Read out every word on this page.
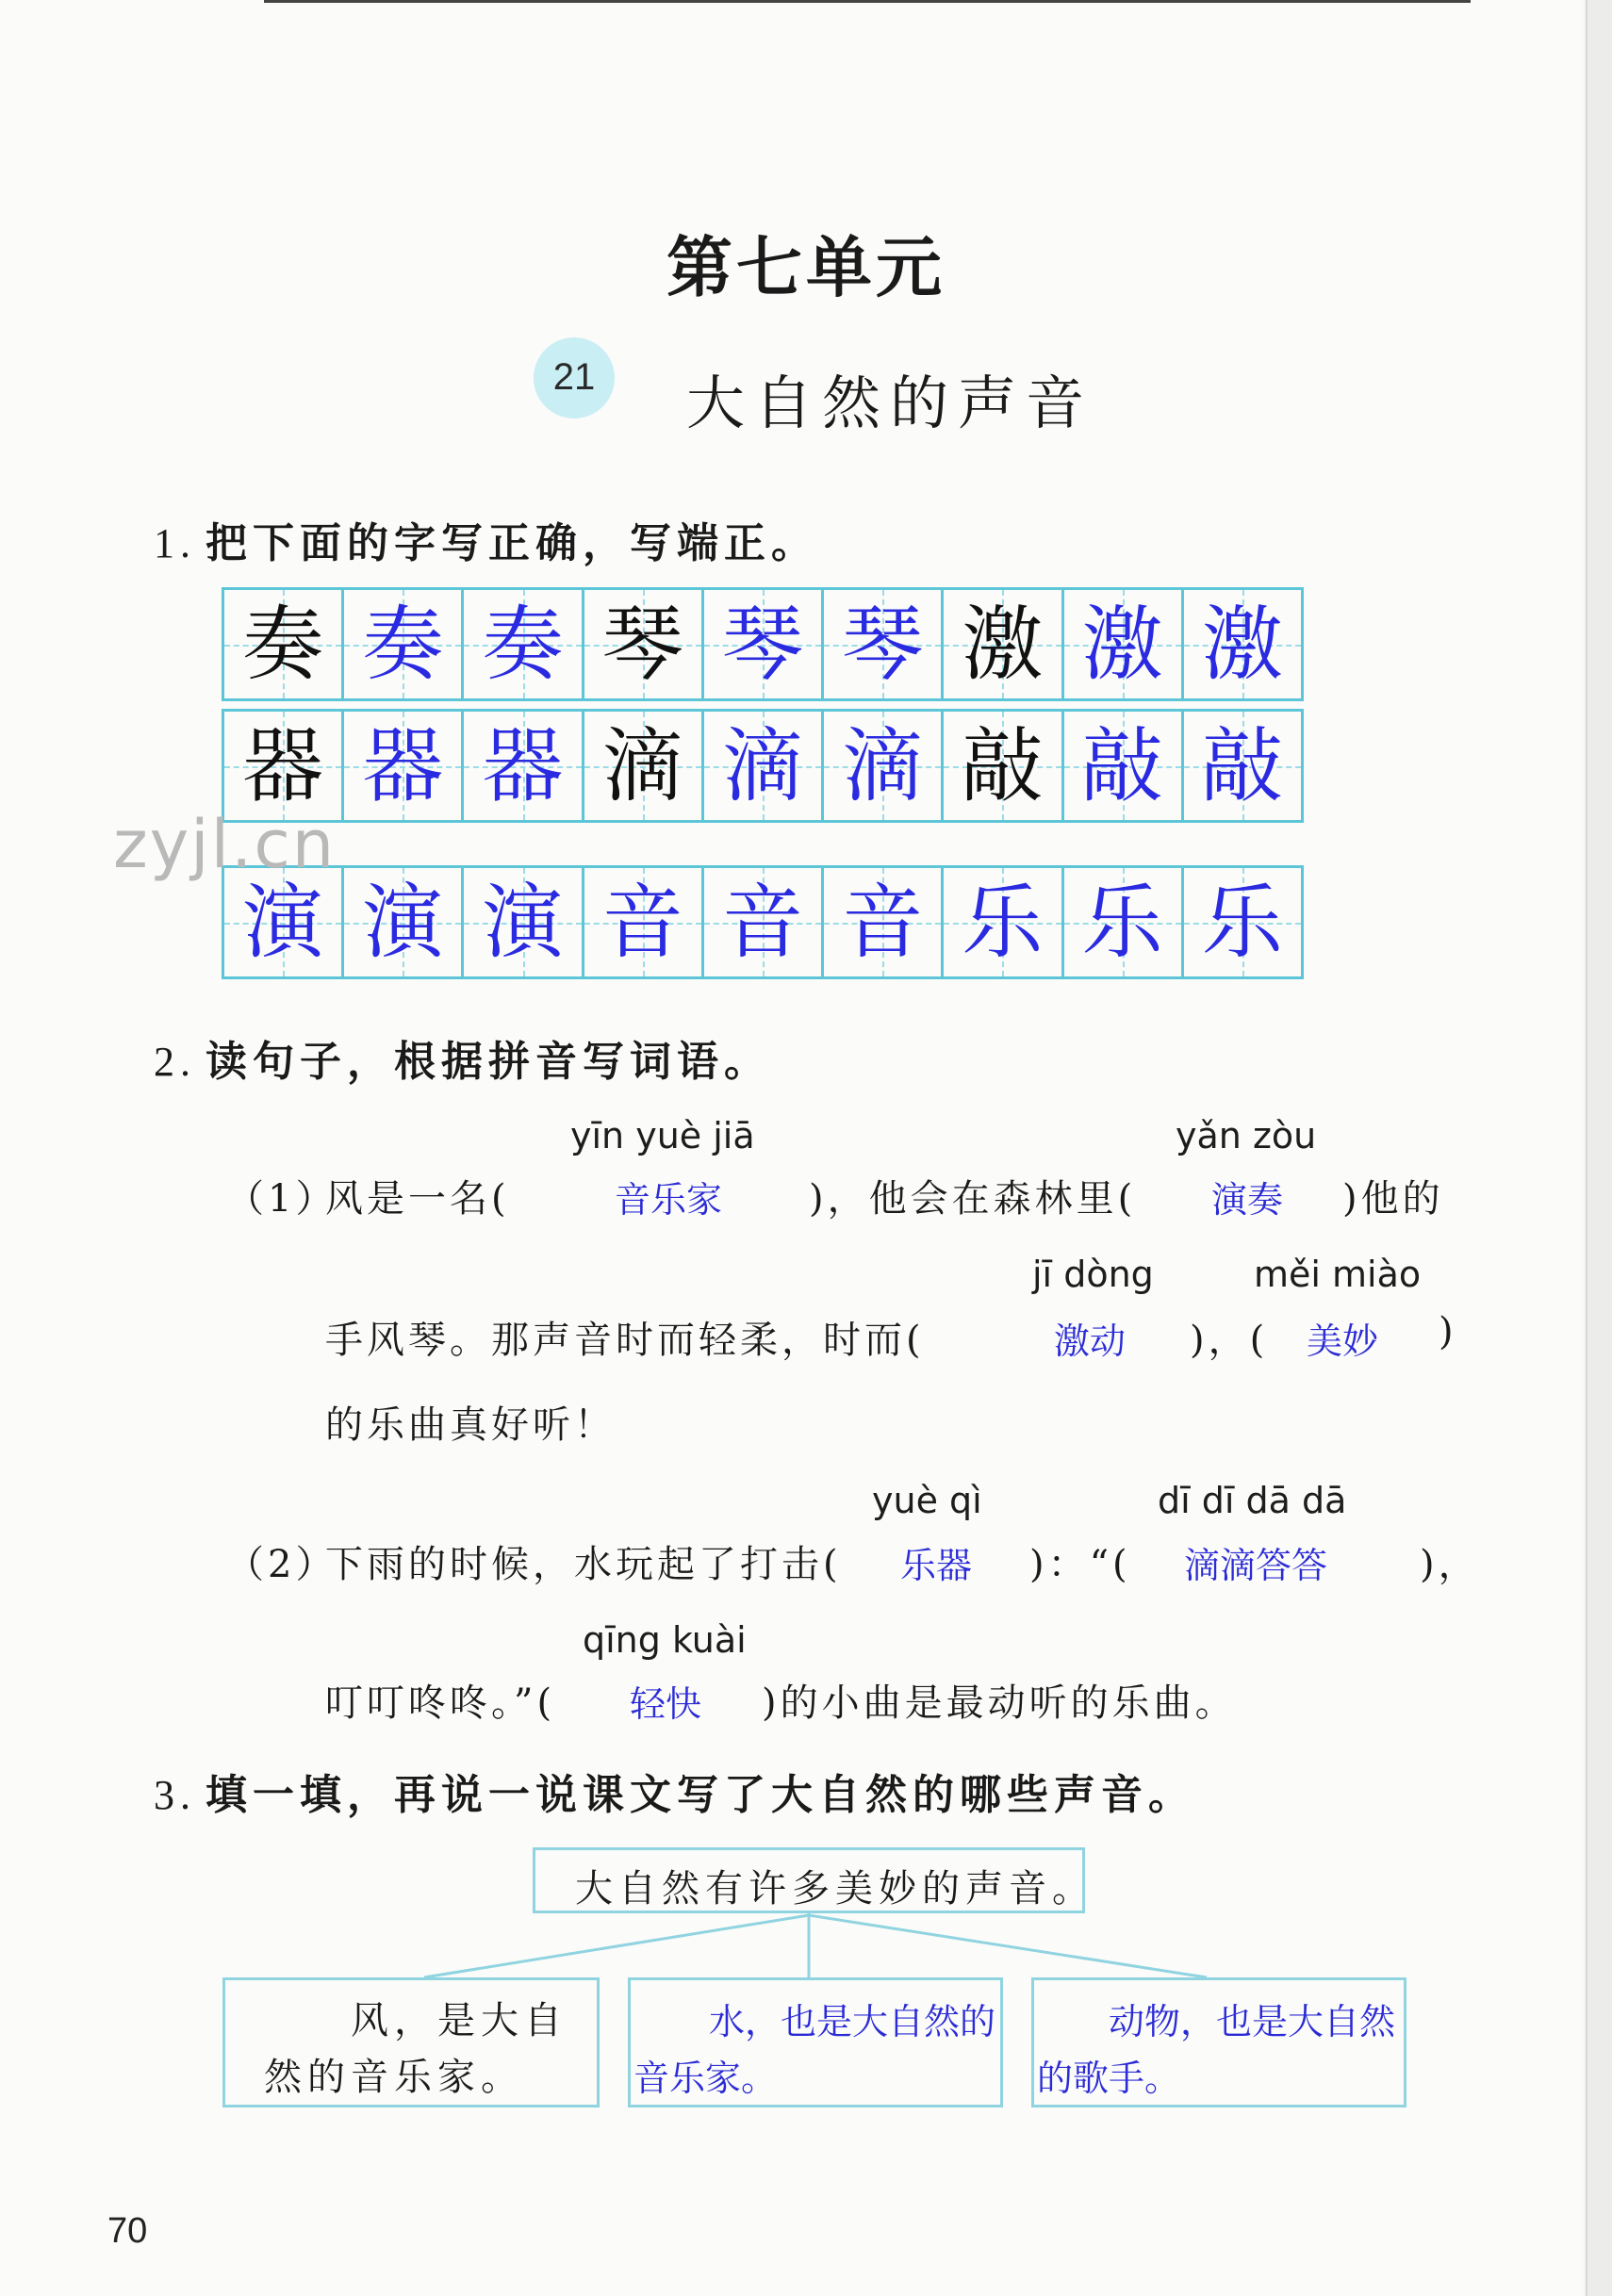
第七单元
21	大自然的声音
1. 把下面的字写正确，写端正。
奏 奏 奏 琴 琴 琴 激 激 激
器 器 器 滴 滴 滴 敲 敲 敲
演 演 演 音 音 音 乐 乐 乐
zyjl.cn
2. 读句子，根据拼音写词语。
yīn yuè jiā	yǎn zòu
（1）
风是一名(	音乐家 )，他会在森林里( 演奏 )他的
jī dòng	měi miào
手风琴。那声音时而轻柔，时而(	激动 )，( 美妙 )
的乐曲真好听！
yuè qì	dī dī dā dā
（2）
下雨的时候，水玩起了打击( 乐器 )：“( 滴滴答答 )，
qīng kuài
叮叮咚咚。”( 轻快 )的小曲是最动听的乐曲。
3. 填一填，再说一说课文写了大自然的哪些声音。
大自然有许多美妙的声音。
风，是大自
然的音乐家。
水，也是大自然的
音乐家。
动物，也是大自然
的歌手。
70
